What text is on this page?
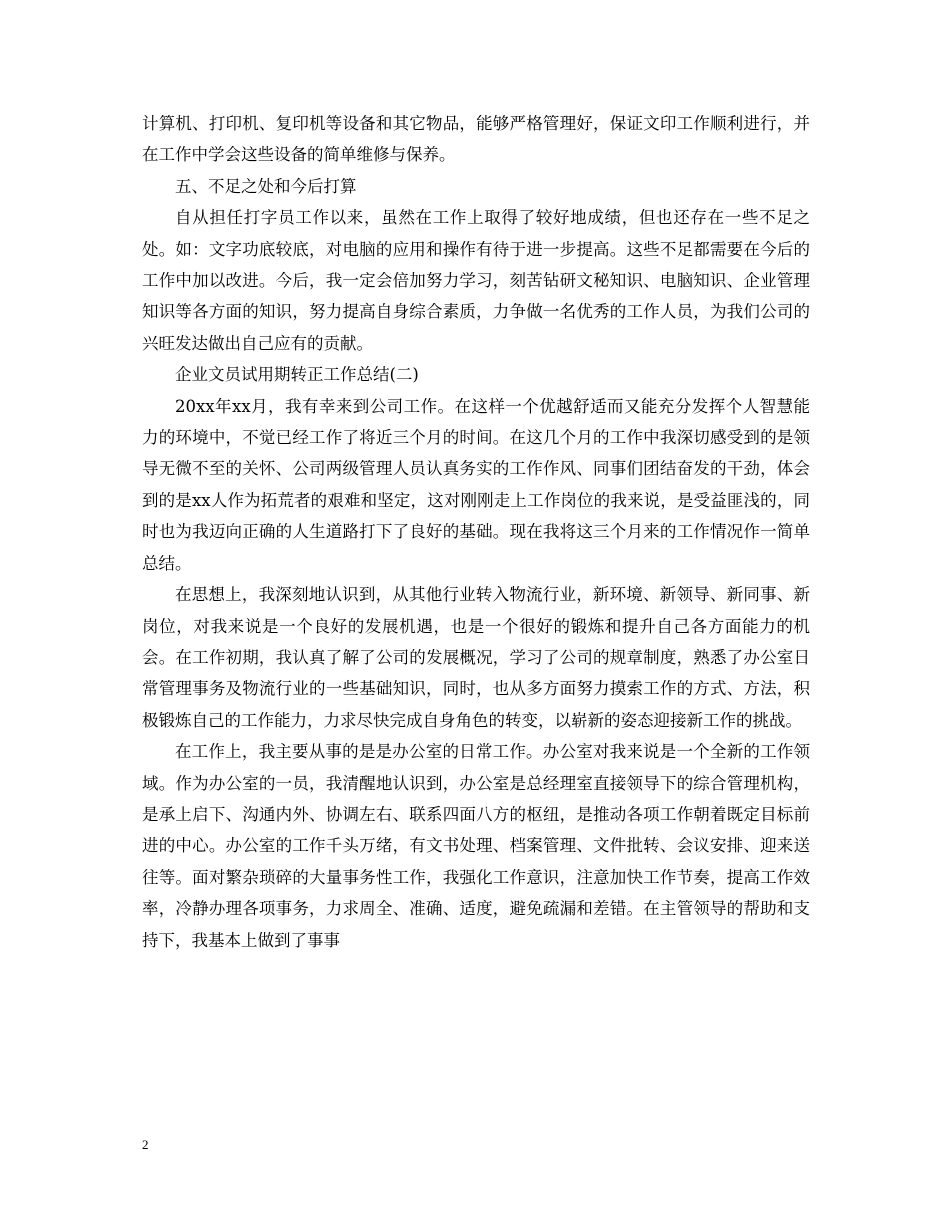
计算机、打印机、复印机等设备和其它物品，能够严格管理好，保证文印工作顺利进行，并在工作中学会这些设备的简单维修与保养。

五、不足之处和今后打算

自从担任打字员工作以来，虽然在工作上取得了较好地成绩，但也还存在一些不足之处。如：文字功底较底，对电脑的应用和操作有待于进一步提高。这些不足都需要在今后的工作中加以改进。今后，我一定会倍加努力学习，刻苦钻研文秘知识、电脑知识、企业管理知识等各方面的知识，努力提高自身综合素质，力争做一名优秀的工作人员，为我们公司的兴旺发达做出自己应有的贡献。

企业文员试用期转正工作总结(二)

20xx年xx月，我有幸来到公司工作。在这样一个优越舒适而又能充分发挥个人智慧能力的环境中，不觉已经工作了将近三个月的时间。在这几个月的工作中我深切感受到的是领导无微不至的关怀、公司两级管理人员认真务实的工作作风、同事们团结奋发的干劲，体会到的是xx人作为拓荒者的艰难和坚定，这对刚刚走上工作岗位的我来说，是受益匪浅的，同时也为我迈向正确的人生道路打下了良好的基础。现在我将这三个月来的工作情况作一简单总结。

在思想上，我深刻地认识到，从其他行业转入物流行业，新环境、新领导、新同事、新岗位，对我来说是一个良好的发展机遇，也是一个很好的锻炼和提升自己各方面能力的机会。在工作初期，我认真了解了公司的发展概况，学习了公司的规章制度，熟悉了办公室日常管理事务及物流行业的一些基础知识，同时，也从多方面努力摸索工作的方式、方法，积极锻炼自己的工作能力，力求尽快完成自身角色的转变，以崭新的姿态迎接新工作的挑战。

在工作上，我主要从事的是是办公室的日常工作。办公室对我来说是一个全新的工作领域。作为办公室的一员，我清醒地认识到，办公室是总经理室直接领导下的综合管理机构，是承上启下、沟通内外、协调左右、联系四面八方的枢纽，是推动各项工作朝着既定目标前进的中心。办公室的工作千头万绪，有文书处理、档案管理、文件批转、会议安排、迎来送往等。面对繁杂琐碎的大量事务性工作，我强化工作意识，注意加快工作节奏，提高工作效率，冷静办理各项事务，力求周全、准确、适度，避免疏漏和差错。在主管领导的帮助和支持下，我基本上做到了事事

2
